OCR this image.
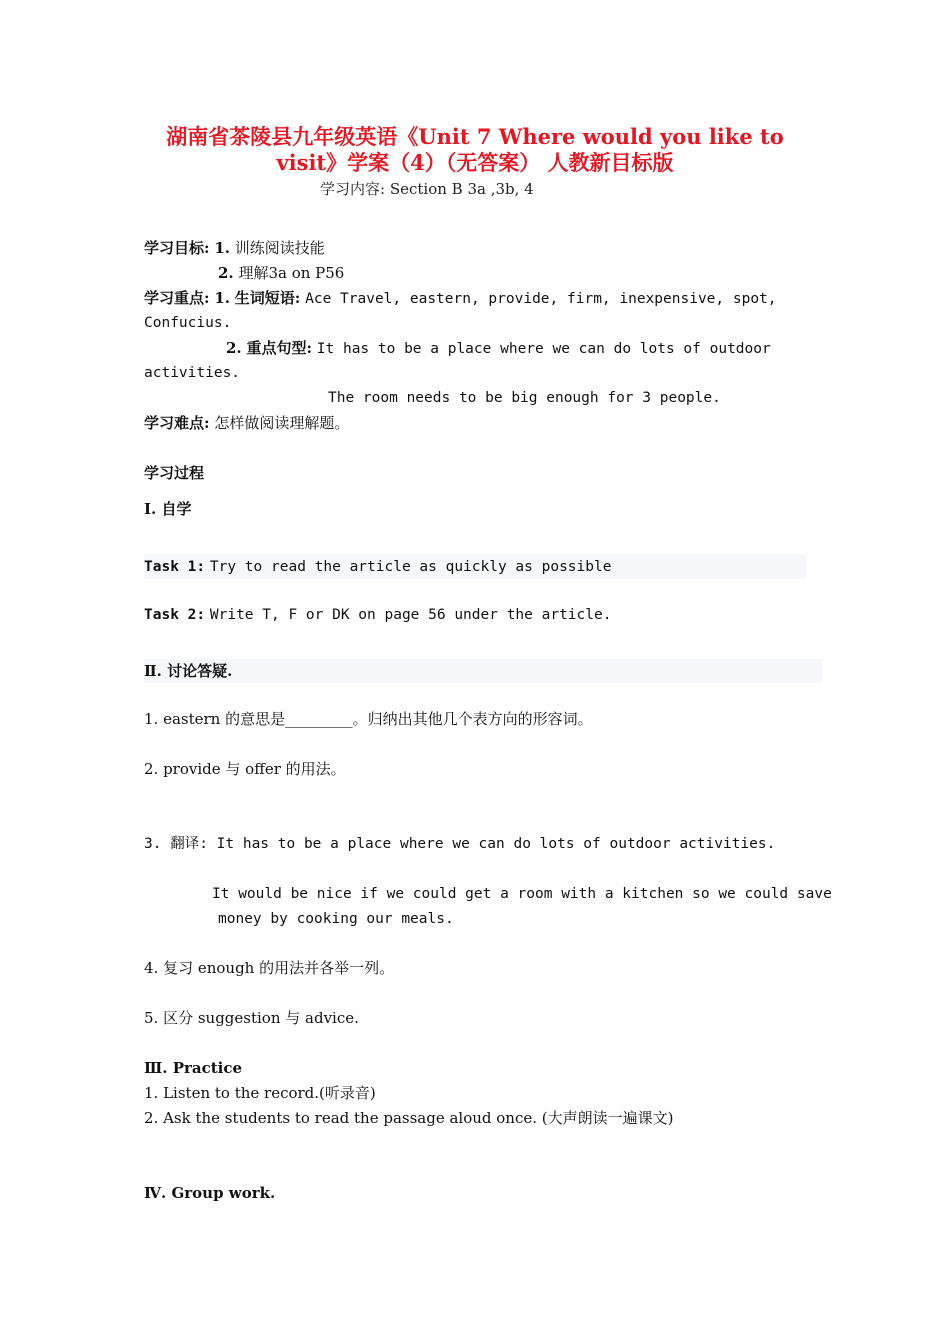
湖南省茶陵县九年级英语《Unit 7 Where would you like to
visit》学案（4）（无答案） 人教新目标版
学习内容: Section B 3a ,3b, 4
学习目标: 1. 训练阅读技能
2. 理解3a on P56
学习重点: 1. 生词短语: Ace Travel, eastern, provide, firm, inexpensive, spot,
Confucius.
2. 重点句型: It has to be a place where we can do lots of outdoor
activities.
The room needs to be big enough for 3 people.
学习难点: 怎样做阅读理解题。
学习过程
Ⅰ. 自学
Task 1: Try to read the article as quickly as possible
Task 2: Write T, F or DK on page 56 under the article.
Ⅱ. 讨论答疑.
1. eastern 的意思是_________。归纳出其他几个表方向的形容词。
2. provide 与 offer 的用法。
3. 翻译: It has to be a place where we can do lots of outdoor activities.
It would be nice if we could get a room with a kitchen so we could save
money by cooking our meals.
4. 复习 enough 的用法并各举一列。
5. 区分 suggestion 与 advice.
Ⅲ. Practice
1. Listen to the record.(听录音)
2. Ask the students to read the passage aloud once. (大声朗读一遍课文)
Ⅳ. Group work.
